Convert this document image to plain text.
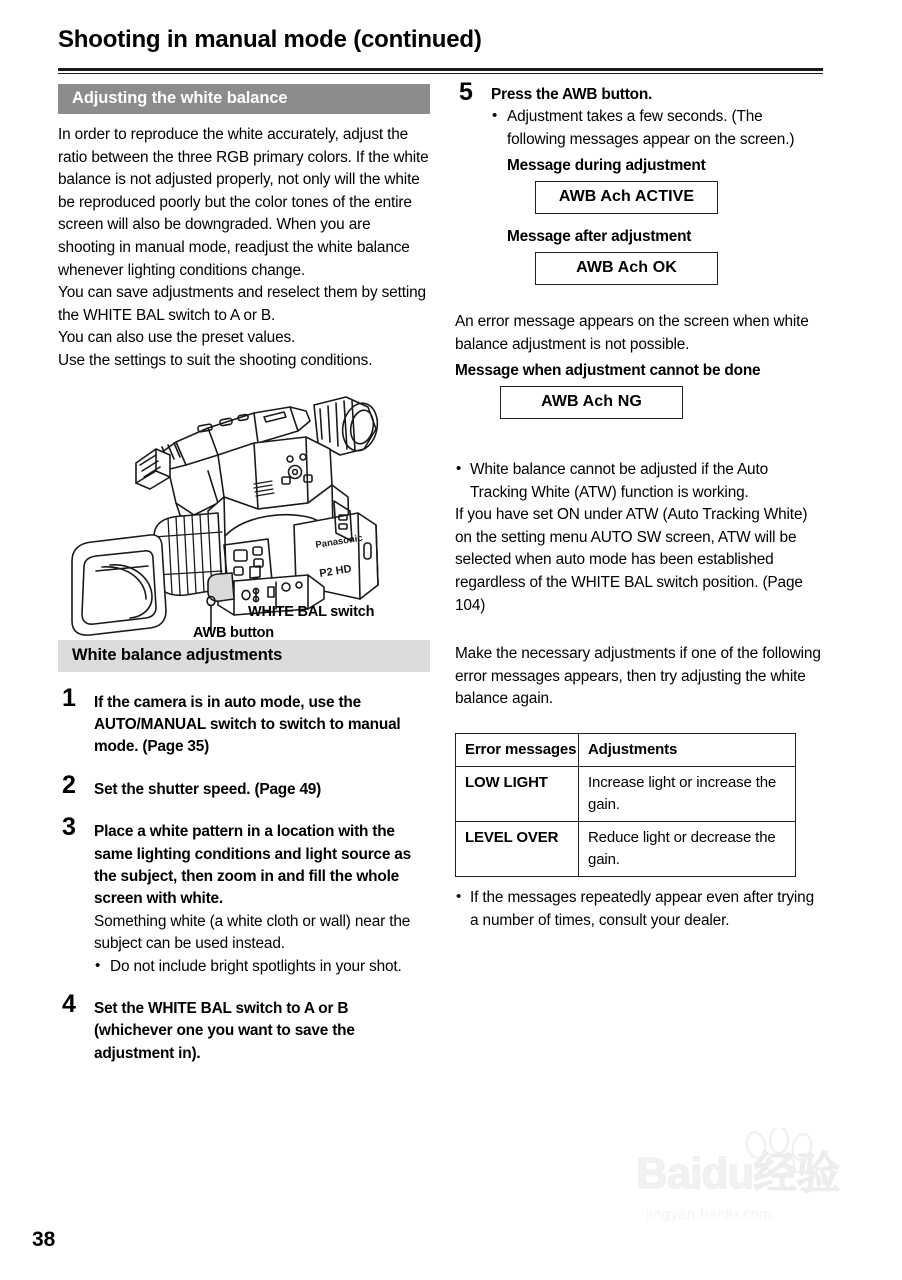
Shooting in manual mode (continued)
Adjusting the white balance

In order to reproduce the white accurately, adjust the ratio between the three RGB primary colors. If the white balance is not adjusted properly, not only will the white be reproduced poorly but the color tones of the entire screen will also be downgraded. When you are shooting in manual mode, readjust the white balance whenever lighting conditions change.

You can save adjustments and reselect them by setting the WHITE BAL switch to A or B.

You can also use the preset values.

Use the settings to suit the shooting conditions.

Panasonic
P2 HD
WHITE BAL switch
AWB button
White balance adjustments
1 If the camera is in auto mode, use the AUTO/MANUAL switch to switch to manual mode. (Page 35)
2 Set the shutter speed. (Page 49)
3 Place a white pattern in a location with the same lighting conditions and light source as the subject, then zoom in and fill the whole screen with white.
Something white (a white cloth or wall) near the subject can be used instead.
• Do not include bright spotlights in your shot.
4 Set the WHITE BAL switch to A or B (whichever one you want to save the adjustment in).
5 Press the AWB button.
• Adjustment takes a few seconds. (The following messages appear on the screen.)
Message during adjustment
AWB Ach ACTIVE
Message after adjustment
AWB Ach OK

An error message appears on the screen when white balance adjustment is not possible.

Message when adjustment cannot be done
AWB Ach NG
• White balance cannot be adjusted if the Auto Tracking White (ATW) function is working.

If you have set ON under ATW (Auto Tracking White) on the setting menu AUTO SW screen, ATW will be selected when auto mode has been established regardless of the WHITE BAL switch position. (Page 104)

Make the necessary adjustments if one of the following error messages appears, then try adjusting the white balance again.

Error messages	Adjustments
LOW LIGHT	Increase light or increase the gain.
LEVEL OVER	Reduce light or decrease the gain.
• If the messages repeatedly appear even after trying a number of times, consult your dealer.
38
Baidu经验
jingyan.baidu.com
